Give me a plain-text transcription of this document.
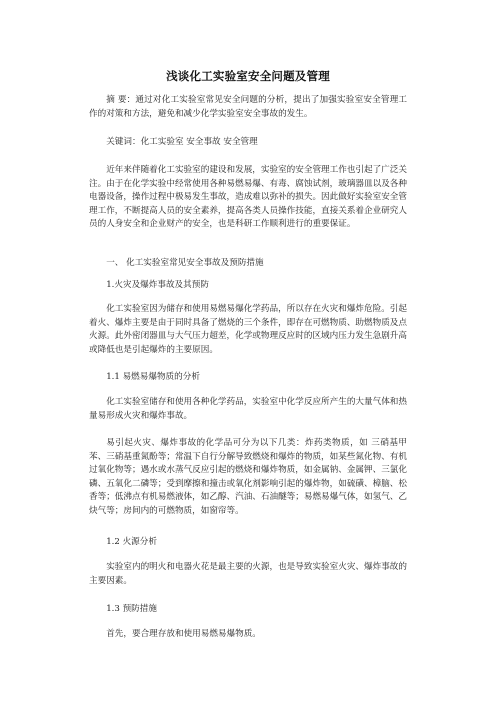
浅谈化工实验室安全问题及管理

摘 要：通过对化工实验室常见安全问题的分析，提出了加强实验室安全管理工作的对策和方法，避免和减少化学实验室安全事故的发生。

关键词：化工实验室 安全事故 安全管理

近年来伴随着化工实验室的建设和发展，实验室的安全管理工作也引起了广泛关注。由于在化学实验中经常使用各种易燃易爆、有毒、腐蚀试剂，玻璃器皿以及各种电器设备，操作过程中极易发生事故，造成难以弥补的损失。因此做好实验室安全管理工作，不断提高人员的安全素养，提高各类人员操作技能，直接关系着企业研究人员的人身安全和企业财产的安全，也是科研工作顺利进行的重要保证。

一、 化工实验室常见安全事故及预防措施

1.火灾及爆炸事故及其预防

化工实验室因为储存和使用易燃易爆化学药品，所以存在火灾和爆炸危险。引起着火、爆炸主要是由于同时具备了燃烧的三个条件，即存在可燃物质、助燃物质及点火源。此外密闭器皿与大气压力超差，化学或物理反应时的区域内压力发生急剧升高或降低也是引起爆炸的主要原因。

1.1 易燃易爆物质的分析

化工实验室储存和使用各种化学药品，实验室中化学反应所产生的大量气体和热量易形成火灾和爆炸事故。

易引起火灾、爆炸事故的化学品可分为以下几类：炸药类物质，如 三硝基甲苯、三硝基重氮酚等；常温下自行分解导致燃烧和爆炸的物质，如某些氮化物、有机过氧化物等；遇水或水蒸气反应引起的燃烧和爆炸物质，如金属钠、金属钾、三氯化磷、五氧化二磷等；受到摩擦和撞击或氧化剂影响引起的爆炸物，如硫磺、樟脑、松香等；低沸点有机易燃液体，如乙醇、汽油、石油醚等；易燃易爆气体，如氢气、乙炔气等；房间内的可燃物质，如窗帘等。

1.2 火源分析

实验室内的明火和电器火花是最主要的火源，也是导致实验室火灾、爆炸事故的主要因素。

1.3 预防措施

首先，要合理存放和使用易燃易爆物质。
